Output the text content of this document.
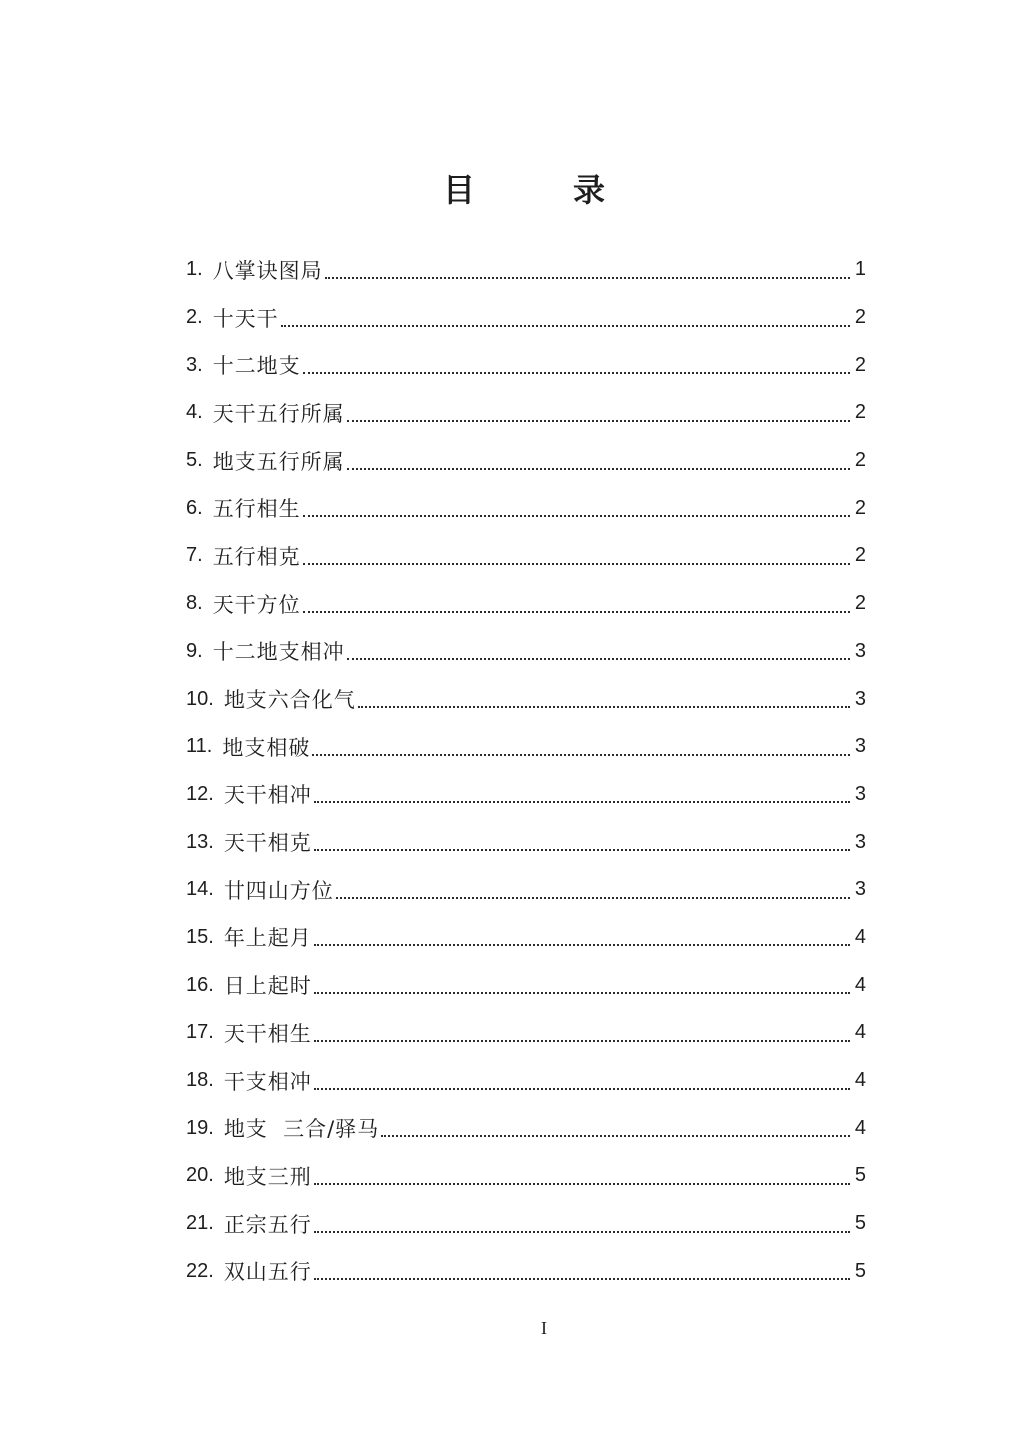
目	录
1. 八掌诀图局	1
2. 十天干	2
3. 十二地支	2
4. 天干五行所属	2
5. 地支五行所属	2
6. 五行相生	2
7. 五行相克	2
8. 天干方位	2
9. 十二地支相冲	3
10. 地支六合化气	3
11. 地支相破	3
12. 天干相冲	3
13. 天干相克	3
14. 廿四山方位	3
15. 年上起月	4
16. 日上起时	4
17. 天干相生	4
18. 干支相冲	4
19. 地支  三合/驿马	4
20. 地支三刑	5
21. 正宗五行	5
22. 双山五行	5
I
